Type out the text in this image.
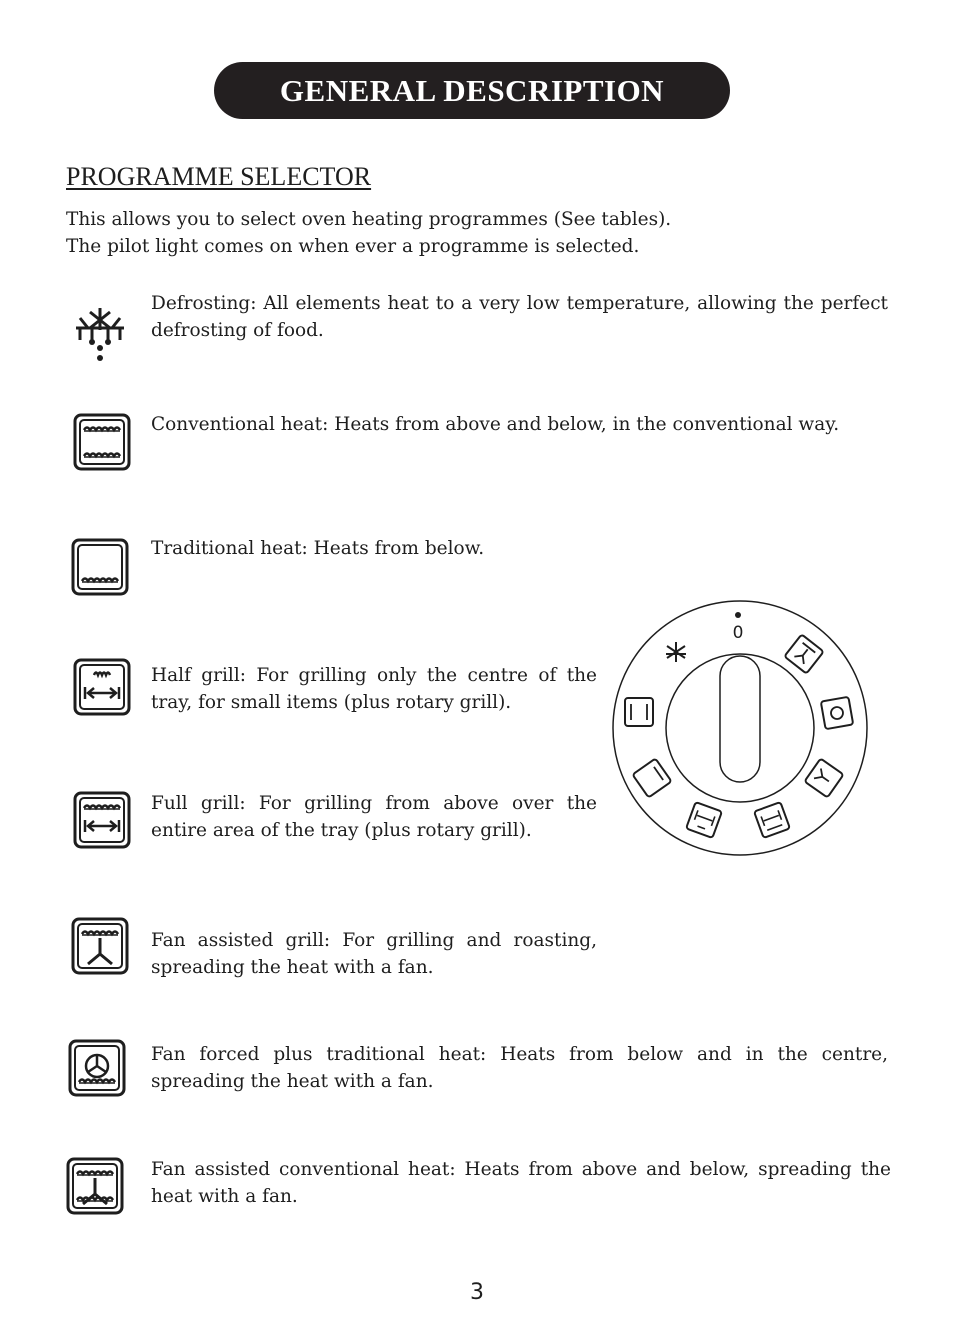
GENERAL DESCRIPTION
PROGRAMME SELECTOR
This allows you to select oven heating programmes (See tables).
The pilot light comes on when ever a programme is selected.
Defrosting: All elements heat to a very low temperature, allowing the perfect defrosting of food.
Conventional heat: Heats from above and below, in the conventional way.
Traditional heat: Heats from below.
Half grill: For grilling only the centre of the tray, for small items (plus rotary grill).
Full grill: For grilling from above over the entire area of the tray (plus rotary grill).
Fan assisted grill: For grilling and roasting, spreading the heat with a fan.
Fan forced plus traditional heat: Heats from below and in the centre, spreading the heat with a fan.
Fan assisted conventional heat: Heats from above and below, spreading the heat with a fan.
0
3
